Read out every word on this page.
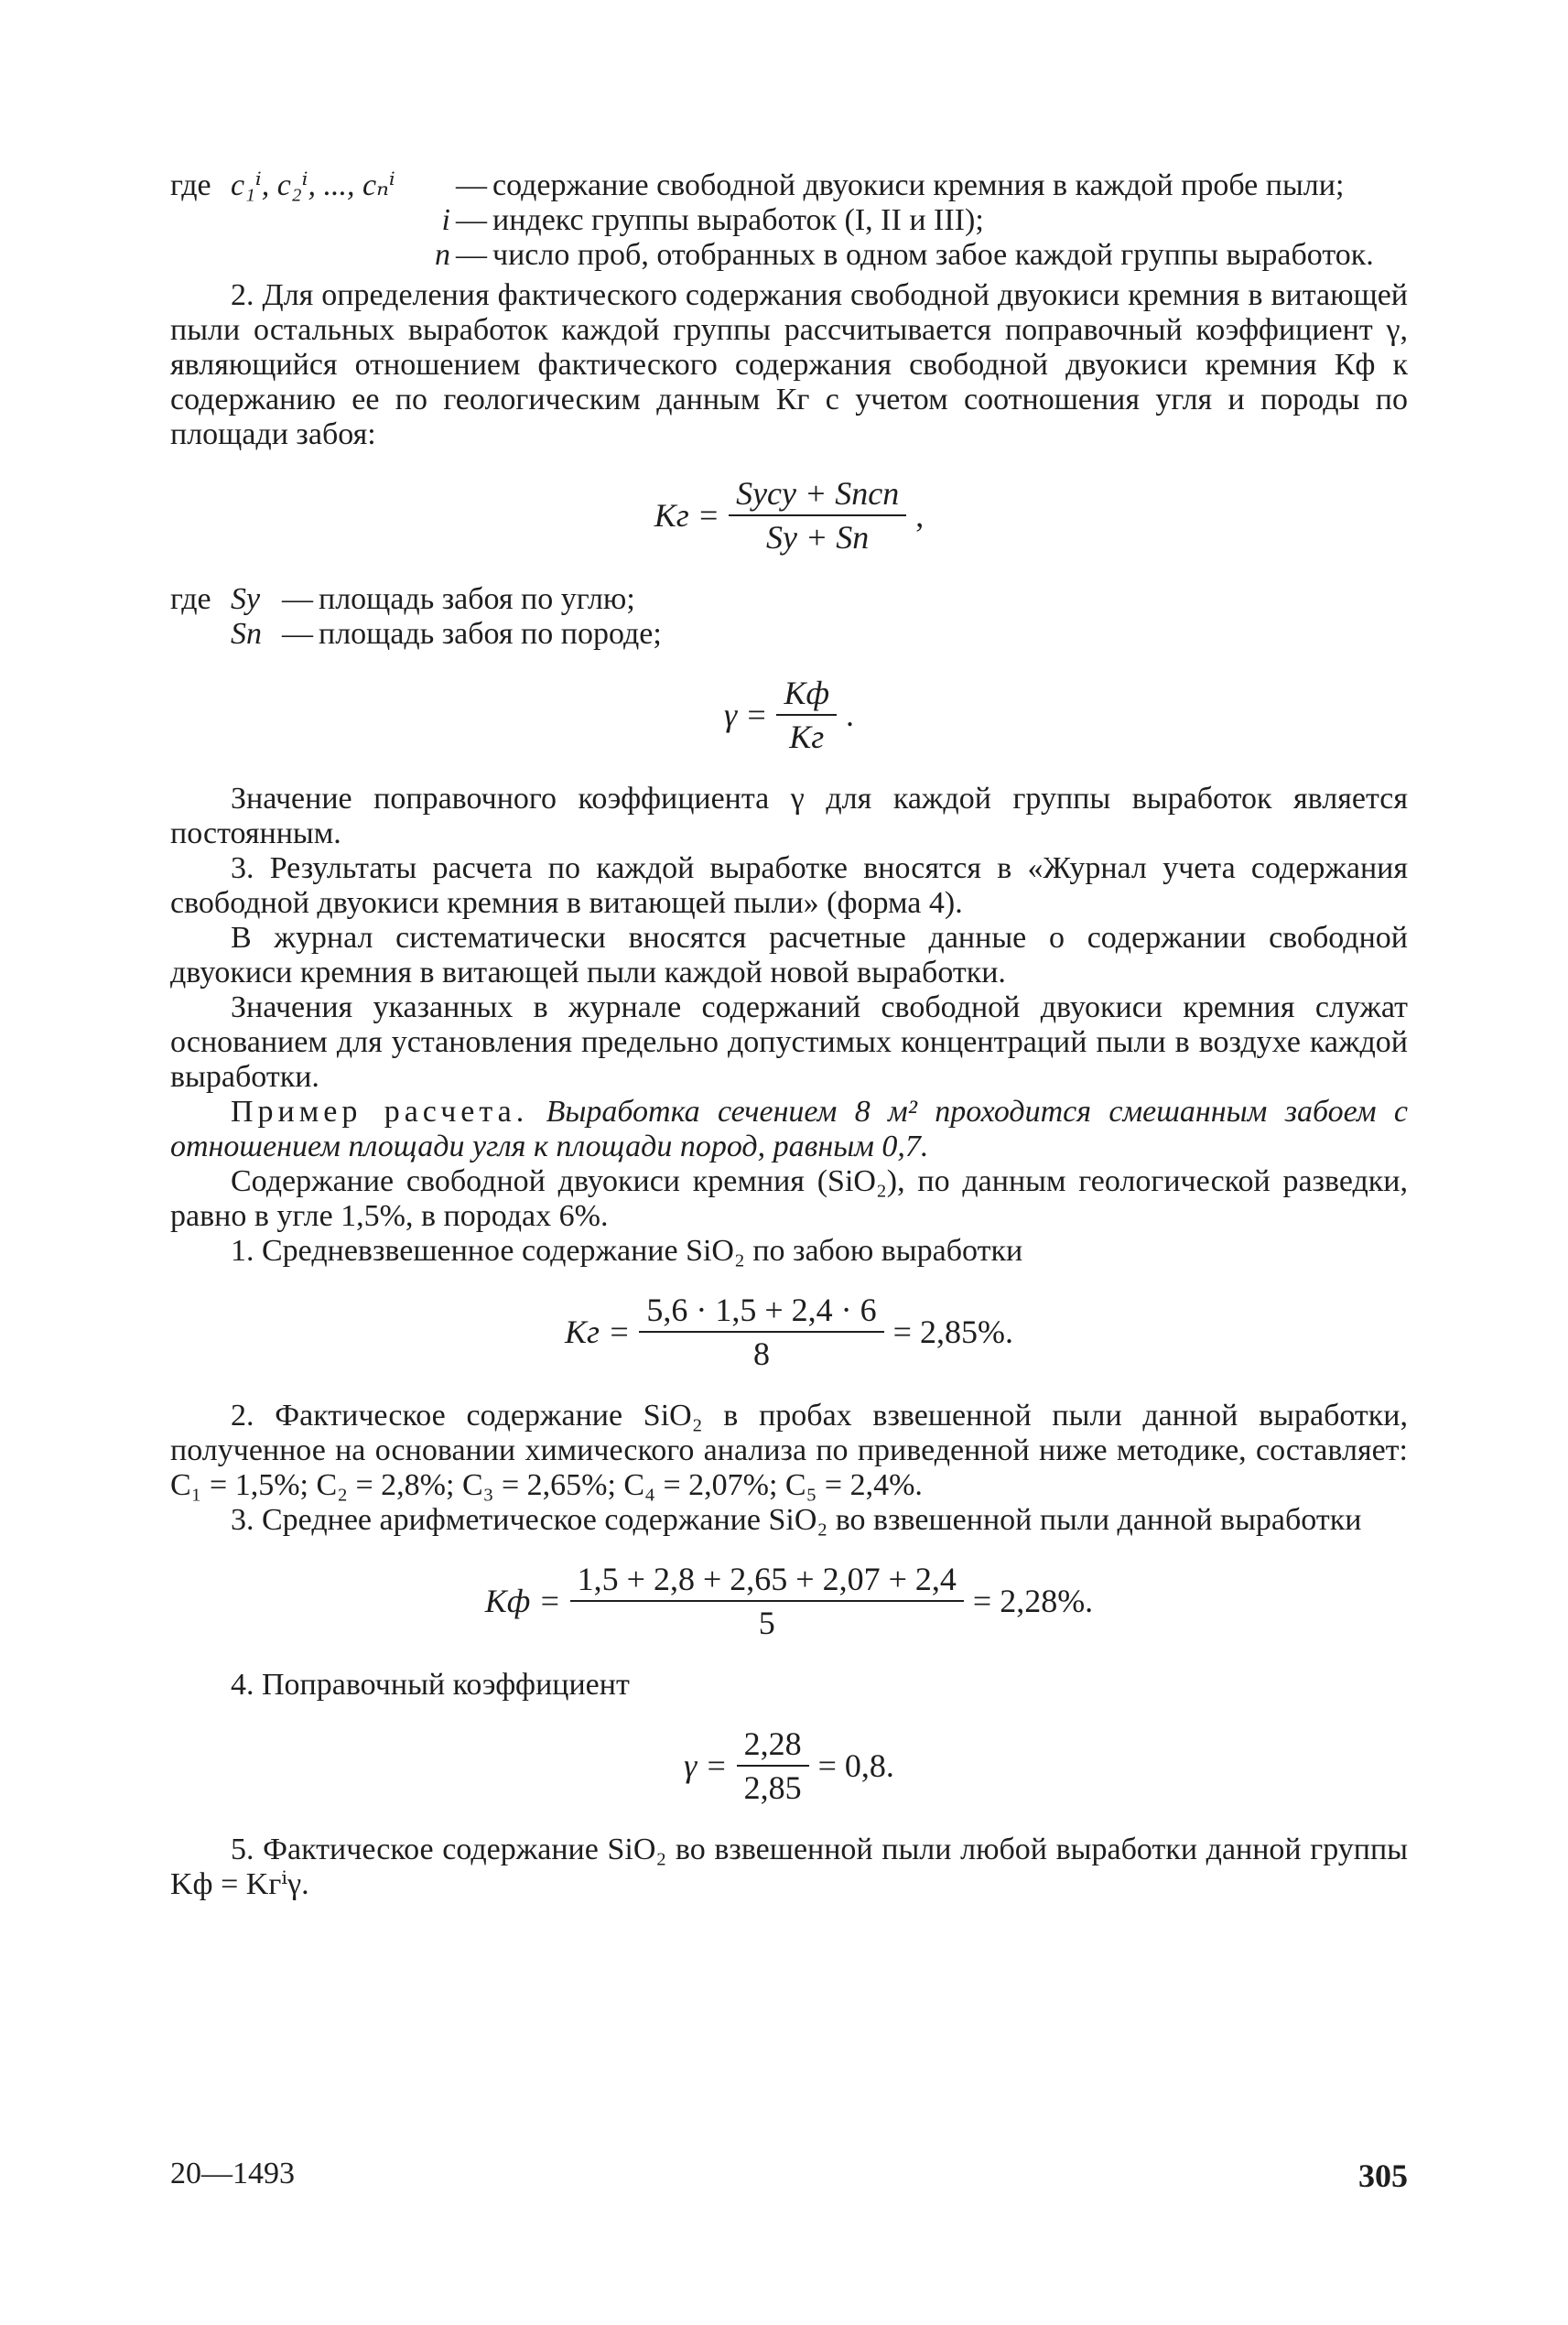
где c₁ⁱ, c₂ⁱ, ..., cₙⁱ	— содержание свободной двуокиси кремния в каждой пробе пыли;
i — индекс группы выработок (I, II и III);
n — число проб, отобранных в одном забое каждой группы выработок.

2. Для определения фактического содержания свободной двуокиси кремния в витающей пыли остальных выработок каждой группы рассчитывается поправочный коэффициент γ, являющийся отношением фактического содержания свободной двуокиси кремния Кф к содержанию ее по геологическим данным Кг с учетом соотношения угля и породы по площади забоя:

Kг = $\frac{\text{Sуcу + Sпcп}}{Sу + Sп}$ ,
где Sу — площадь забоя по углю;
Sп — площадь забоя по породе;
$\gamma = \frac{Kф}{Kг}$ .

Значение поправочного коэффициента γ для каждой группы выработок является постоянным.

3. Результаты расчета по каждой выработке вносятся в «Журнал учета содержания свободной двуокиси кремния в витающей пыли» (форма 4).

В журнал систематически вносятся расчетные данные о содержании свободной двуокиси кремния в витающей пыли каждой новой выработки.

Значения указанных в журнале содержаний свободной двуокиси кремния служат основанием для установления предельно допустимых концентраций пыли в воздухе каждой выработки.

Пример расчета. Выработка сечением 8 м² проходится смешанным забоем с отношением площади угля к площади пород, равным 0,7.

Содержание свободной двуокиси кремния (SiO₂), по данным геологической разведки, равно в угле 1,5%, в породах 6%.

1. Средневзвешенное содержание SiO₂ по забою выработки

Kг = $\frac{5,6 \cdot 1,5 + 2,4 \cdot 6}{8} = 2,85\%$.

2. Фактическое содержание SiO₂ в пробах взвешенной пыли данной выработки, полученное на основании химического анализа по приведенной ниже методике, составляет: C₁ = 1,5%; C₂ = 2,8%; C₃ = 2,65%; C₄ = 2,07%; C₅ = 2,4%.

3. Среднее арифметическое содержание SiO₂ во взвешенной пыли данной выработки

Kф = $\frac{1,5 + 2,8 + 2,65 + 2,07 + 2,4}{5} = 2,28\%$.

4. Поправочный коэффициент

$\gamma = \frac{2,28}{2,85} = 0,8$.

5. Фактическое содержание SiO₂ во взвешенной пыли любой выработки данной группы Kф = Kгⁱγ.

20—1493	305
